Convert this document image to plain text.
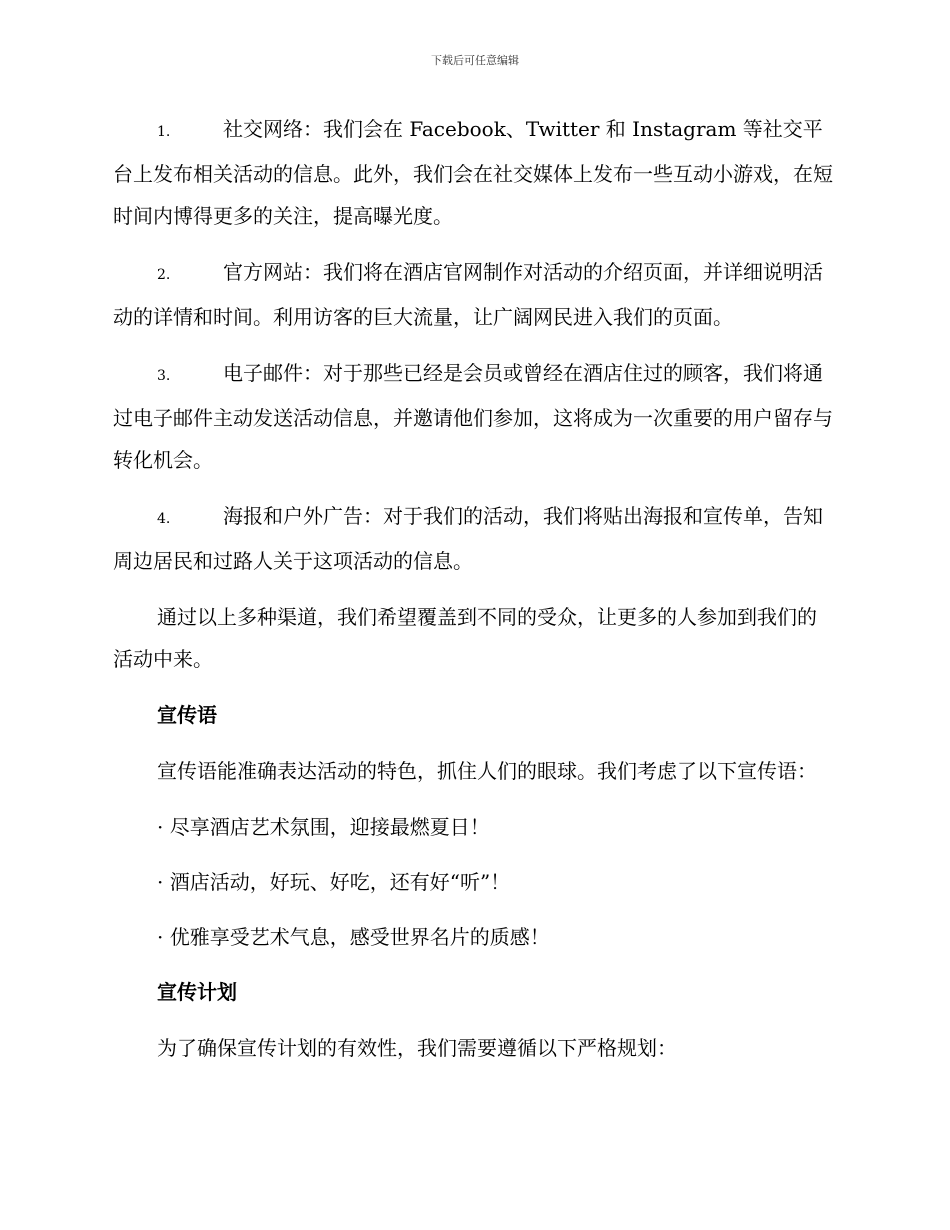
下载后可任意编辑

1.	社交网络：我们会在 Facebook、Twitter 和 Instagram 等社交平台上发布相关活动的信息。此外，我们会在社交媒体上发布一些互动小游戏，在短时间内博得更多的关注，提高曝光度。

2.	官方网站：我们将在酒店官网制作对活动的介绍页面，并详细说明活动的详情和时间。利用访客的巨大流量，让广阔网民进入我们的页面。

3.	电子邮件：对于那些已经是会员或曾经在酒店住过的顾客，我们将通过电子邮件主动发送活动信息，并邀请他们参加，这将成为一次重要的用户留存与转化机会。

4.	海报和户外广告：对于我们的活动，我们将贴出海报和宣传单，告知周边居民和过路人关于这项活动的信息。

通过以上多种渠道，我们希望覆盖到不同的受众，让更多的人参加到我们的活动中来。

宣传语

宣传语能准确表达活动的特色，抓住人们的眼球。我们考虑了以下宣传语：

· 尽享酒店艺术氛围，迎接最燃夏日！

· 酒店活动，好玩、好吃，还有好“听”！

· 优雅享受艺术气息，感受世界名片的质感！

宣传计划

为了确保宣传计划的有效性，我们需要遵循以下严格规划：
